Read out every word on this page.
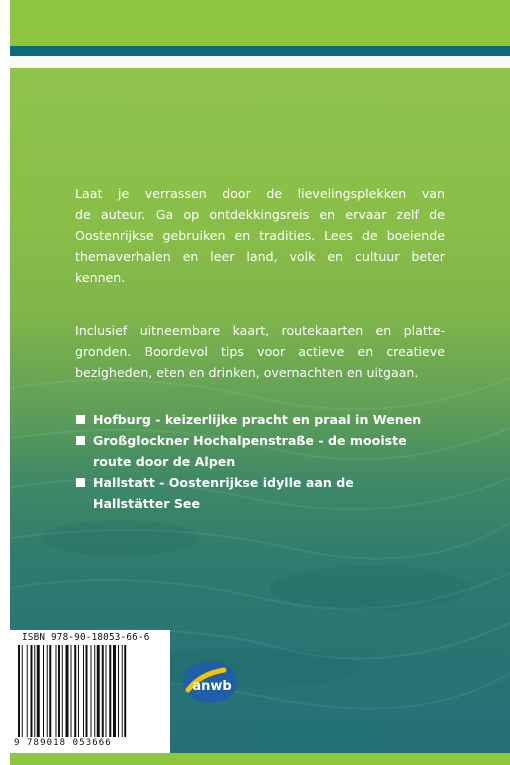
Laat je verrassen door de lievelingsplekken van
de auteur. Ga op ontdekkingsreis en ervaar zelf de
Oostenrijkse gebruiken en tradities. Lees de boeiende
themaverhalen en leer land, volk en cultuur beter
kennen.
Inclusief uitneembare kaart, routekaarten en platte-
gronden. Boordevol tips voor actieve en creatieve
bezigheden, eten en drinken, overnachten en uitgaan.
Hofburg - keizerlijke pracht en praal in Wenen
Großglockner Hochalpenstraße - de mooiste
route door de Alpen
Hallstatt - Oostenrijkse idylle aan de
Hallstätter See
ISBN 978-90-18053-66-6
9 789018 053666
anwb
